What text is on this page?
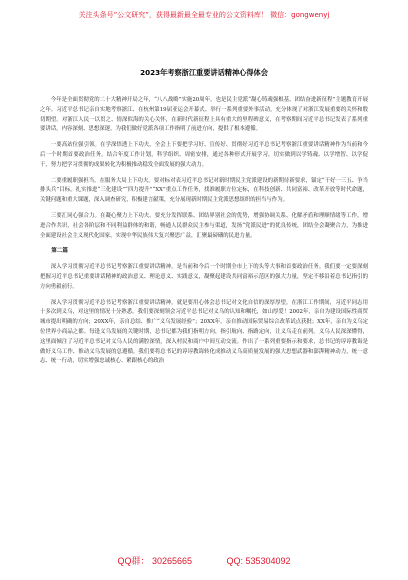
关注头条号”公文研究”，获得最新最全最专业的公文资料库！ 微信：gongwenyj
2023年考察浙江重要讲话精神心得体会

今年是全面贯彻党的二十大精神开局之年，“八八战略”实施20周年，也是民主党派“凝心铸魂强根基、团结奋进新征程”主题教育开展之年。习近平总书记亲自实地考察浙江、在杭州第19届亚运会开幕式。举行一系列重要外事活动，充分体现了对浙江发展重要的关怀和殷切期望。对浙江人民一以贯之、情深似海的关心关怀，在新时代新征程上具有重大的里程碑意义，在考察期间习近平总书记发表了系列重要讲话，内容深刻、思想深邃，为我们做好党派各项工作指明了前进方向，提供了根本遵循。

一要高站位强引领。在学深悟透上下功夫。全会上下要把学习好、宣传好、贯彻好习近平总书记考察浙江重要讲话精神作为当前和今后一个时期首要政治任务，结合年度工作计划，科学组织、周密安排，通过各种形式开展学习，切实做到以学铸魂、以学增智、以学促干，努力把学习贯彻的成果转化为积极推动稳发全面发展的强大动力。

二要重履职强担当。在服务大局上下功夫。要对标对表习近平总书记对新时期民主党派建设的新期待新要求，锚定“干好一三五、争当排头兵”目标，扎实推进“三化建设”“四力提升”“XX”重点工作任务，找准履职方位定标，在科技创新、共同富裕、改革开放等时代命题，关键问题和重大课题，深入调查研究，积极建言献策，充分展现新时期民主党派思想组织的担当与作为。

三要汇同心强合力。在凝心聚力上下功夫。要充分发挥联系、团结界别社会的优势，增强协调关系、化解矛盾和理顺情绪等工作，增进合作共识，社会各阶层和不同利益群体的和谐，畅通人民群众民主参与渠道，发扬“党派民进”的优良传统，团结全会凝聚合力，为推进全面建设社会主义现代化国家，实现中华民族伟大复兴聚思广益，汇聚最磅礴的民进力量。

第二篇

深入学习贯彻习近平总书记考察浙江重要讲话精神，是当前和今后一个时期全市上下的头等大事和首要政治任务。我们要一定要深刻把握习近平总书记重要讲话精神的政治意义、理论意义、实践意义，凝聚起建设共同富裕示范区的强大力量，坚定不移沿着总书记指引的方向勇毅前行。

深入学习贯彻习近平总书记考察浙江重要讲话精神，就是要用心体会总书记对文化自信的深厚厚望。在浙江工作期间，习近平同志用十多次到义乌，对这里的情况十分熟悉。我们要深刻领会习近平总书记对义乌的认知和嘱托，如山厚爱！2002年，亲自为建设国际性商贸城市提出明确的方向；20XX年，亲自总结、推广“义乌发展经验”；20XX年，亲自推动国际贸易综合改革试点获批；XX年，亲自为义乌定位世界小商品之都。每逢义乌发展的关键时期，总书记都为我们指明方向，指引航向、指路定向，让义乌走在前列。义乌人民深深懂得，这里面倾注了习近平总书记对义乌人民的满腔深情，深入村民和商户中间互动交流。作出了一系列重要指示和要求，总书记的谆谆教诲是做好义乌工作、推动义乌发展的总遵循。我们要将总书记的谆谆教诲转化成推动义乌高质量发展的强大思想武器和澎湃精神动力，统一意志、统一行动，切实增强忠诚核心、紧跟核心的政治

QQ群： 30265665	QQ: 535304092
